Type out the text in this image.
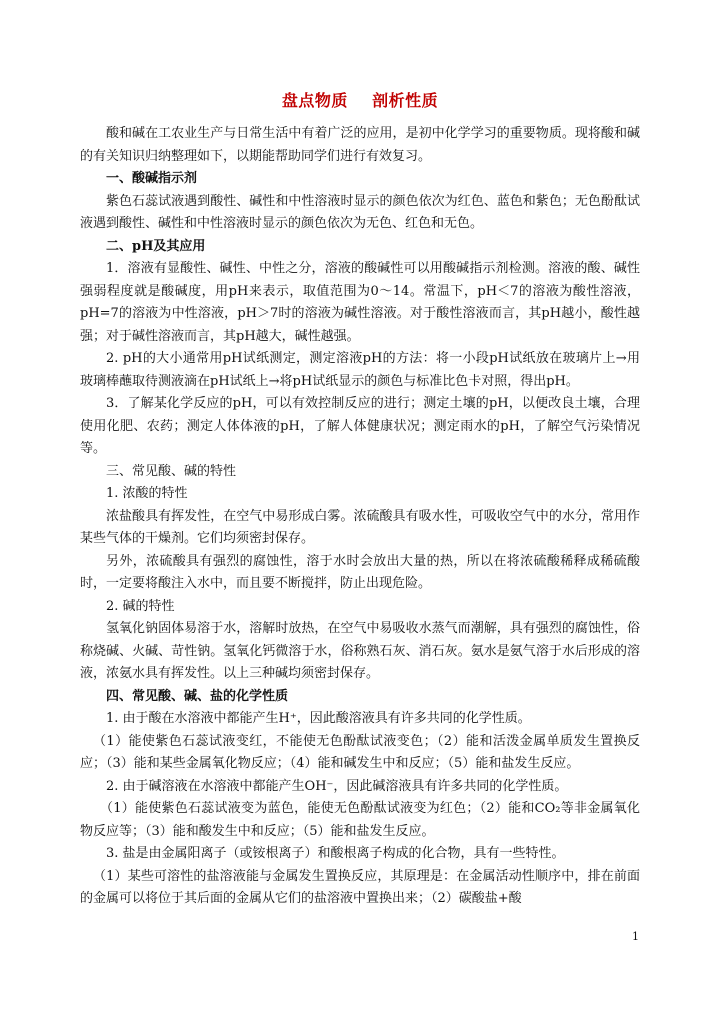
盘点物质    剖析性质

酸和碱在工农业生产与日常生活中有着广泛的应用，是初中化学学习的重要物质。现将酸和碱的有关知识归纳整理如下，以期能帮助同学们进行有效复习。

一、酸碱指示剂

紫色石蕊试液遇到酸性、碱性和中性溶液时显示的颜色依次为红色、蓝色和紫色；无色酚酞试液遇到酸性、碱性和中性溶液时显示的颜色依次为无色、红色和无色。

二、pH及其应用

1．溶液有显酸性、碱性、中性之分，溶液的酸碱性可以用酸碱指示剂检测。溶液的酸、碱性强弱程度就是酸碱度，用pH来表示，取值范围为0～14。常温下，pH＜7的溶液为酸性溶液，pH=7的溶液为中性溶液，pH＞7时的溶液为碱性溶液。对于酸性溶液而言，其pH越小，酸性越强；对于碱性溶液而言，其pH越大，碱性越强。

2. pH的大小通常用pH试纸测定，测定溶液pH的方法：将一小段pH试纸放在玻璃片上→用玻璃棒蘸取待测液滴在pH试纸上→将pH试纸显示的颜色与标准比色卡对照，得出pH。

3．了解某化学反应的pH，可以有效控制反应的进行；测定土壤的pH，以便改良土壤，合理使用化肥、农药；测定人体体液的pH，了解人体健康状况；测定雨水的pH，了解空气污染情况等。

三、常见酸、碱的特性

1. 浓酸的特性

浓盐酸具有挥发性，在空气中易形成白雾。浓硫酸具有吸水性，可吸收空气中的水分，常用作某些气体的干燥剂。它们均须密封保存。

另外，浓硫酸具有强烈的腐蚀性，溶于水时会放出大量的热，所以在将浓硫酸稀释成稀硫酸时，一定要将酸注入水中，而且要不断搅拌，防止出现危险。

2. 碱的特性

氢氧化钠固体易溶于水，溶解时放热，在空气中易吸收水蒸气而潮解，具有强烈的腐蚀性，俗称烧碱、火碱、苛性钠。氢氧化钙微溶于水，俗称熟石灰、消石灰。氨水是氨气溶于水后形成的溶液，浓氨水具有挥发性。以上三种碱均须密封保存。

四、常见酸、碱、盐的化学性质

1. 由于酸在水溶液中都能产生H⁺，因此酸溶液具有许多共同的化学性质。

（1）能使紫色石蕊试液变红，不能使无色酚酞试液变色；（2）能和活泼金属单质发生置换反应；（3）能和某些金属氧化物反应；（4）能和碱发生中和反应；（5）能和盐发生反应。

2. 由于碱溶液在水溶液中都能产生OH⁻，因此碱溶液具有许多共同的化学性质。

（1）能使紫色石蕊试液变为蓝色，能使无色酚酞试液变为红色；（2）能和CO₂等非金属氧化物反应等；（3）能和酸发生中和反应；（5）能和盐发生反应。

3. 盐是由金属阳离子（或铵根离子）和酸根离子构成的化合物，具有一些特性。

（1）某些可溶性的盐溶液能与金属发生置换反应，其原理是：在金属活动性顺序中，排在前面的金属可以将位于其后面的金属从它们的盐溶液中置换出来；（2）碳酸盐+酸

1
